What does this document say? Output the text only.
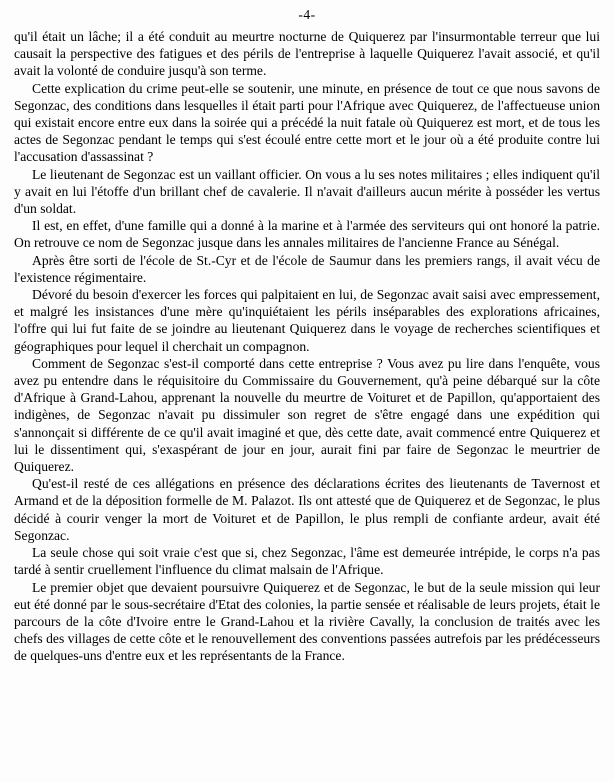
-4-

qu'il était un lâche; il a été conduit au meurtre nocturne de Quiquerez par l'insurmontable terreur que lui causait la perspective des fatigues et des périls de l'entreprise à laquelle Quiquerez l'avait associé, et qu'il avait la volonté de conduire jusqu'à son terme.

Cette explication du crime peut-elle se soutenir, une minute, en présence de tout ce que nous savons de Segonzac, des conditions dans lesquelles il était parti pour l'Afrique avec Quiquerez, de l'affectueuse union qui existait encore entre eux dans la soirée qui a précédé la nuit fatale où Quiquerez est mort, et de tous les actes de Segonzac pendant le temps qui s'est écoulé entre cette mort et le jour où a été produite contre lui l'accusation d'assassinat ?

Le lieutenant de Segonzac est un vaillant officier. On vous a lu ses notes militaires ; elles indiquent qu'il y avait en lui l'étoffe d'un brillant chef de cavalerie. Il n'avait d'ailleurs aucun mérite à posséder les vertus d'un soldat.

Il est, en effet, d'une famille qui a donné à la marine et à l'armée des serviteurs qui ont honoré la patrie. On retrouve ce nom de Segonzac jusque dans les annales militaires de l'ancienne France au Sénégal.

Après être sorti de l'école de St.-Cyr et de l'école de Saumur dans les premiers rangs, il avait vécu de l'existence régimentaire.

Dévoré du besoin d'exercer les forces qui palpitaient en lui, de Segonzac avait saisi avec empressement, et malgré les insistances d'une mère qu'inquiétaient les périls inséparables des explorations africaines, l'offre qui lui fut faite de se joindre au lieutenant Quiquerez dans le voyage de recherches scientifiques et géographiques pour lequel il cherchait un compagnon.

Comment de Segonzac s'est-il comporté dans cette entreprise ? Vous avez pu lire dans l'enquête, vous avez pu entendre dans le réquisitoire du Commissaire du Gouvernement, qu'à peine débarqué sur la côte d'Afrique à Grand-Lahou, apprenant la nouvelle du meurtre de Voituret et de Papillon, qu'apportaient des indigènes, de Segonzac n'avait pu dissimuler son regret de s'être engagé dans une expédition qui s'annonçait si différente de ce qu'il avait imaginé et que, dès cette date, avait commencé entre Quiquerez et lui le dissentiment qui, s'exaspérant de jour en jour, aurait fini par faire de Segonzac le meurtrier de Quiquerez.

Qu'est-il resté de ces allégations en présence des déclarations écrites des lieutenants de Tavernost et Armand et de la déposition formelle de M. Palazot. Ils ont attesté que de Quiquerez et de Segonzac, le plus décidé à courir venger la mort de Voituret et de Papillon, le plus rempli de confiante ardeur, avait été Segonzac.

La seule chose qui soit vraie c'est que si, chez Segonzac, l'âme est demeurée intrépide, le corps n'a pas tardé à sentir cruellement l'influence du climat malsain de l'Afrique.

Le premier objet que devaient poursuivre Quiquerez et de Segonzac, le but de la seule mission qui leur eut été donné par le sous-secrétaire d'Etat des colonies, la partie sensée et réalisable de leurs projets, était le parcours de la côte d'Ivoire entre le Grand-Lahou et la rivière Cavally, la conclusion de traités avec les chefs des villages de cette côte et le renouvellement des conventions passées autrefois par les prédécesseurs de quelques-uns d'entre eux et les représentants de la France.
